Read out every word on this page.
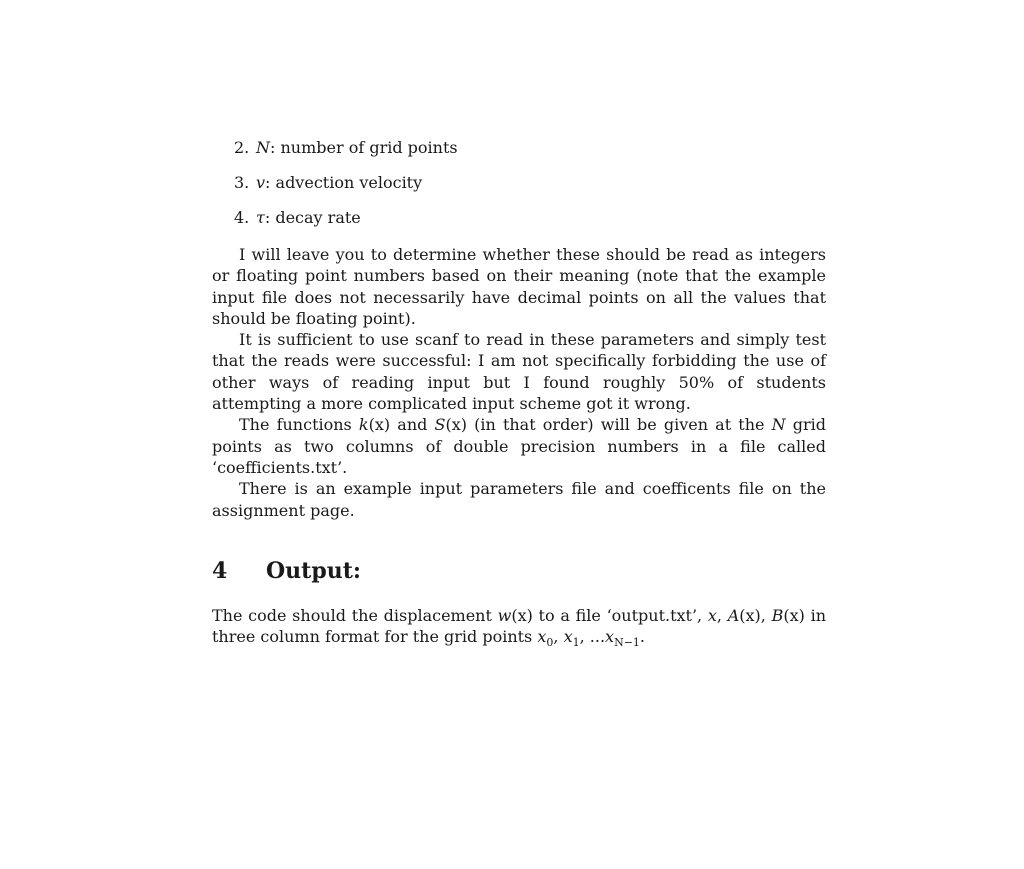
2. N: number of grid points
3. v: advection velocity
4. τ: decay rate

I will leave you to determine whether these should be read as integers or floating point numbers based on their meaning (note that the example input file does not necessarily have decimal points on all the values that should be floating point).

It is sufficient to use scanf to read in these parameters and simply test that the reads were successful: I am not specifically forbidding the use of other ways of reading input but I found roughly 50% of students attempting a more complicated input scheme got it wrong.

The functions k(x) and S(x) (in that order) will be given at the N grid points as two columns of double precision numbers in a file called ‘coefficients.txt’.

There is an example input parameters file and coefficents file on the assignment page.

4 Output:

The code should the displacement w(x) to a file ‘output.txt’, x, A(x), B(x) in three column format for the grid points $x_0$, $x_1$, $...x_{N-1}$.
